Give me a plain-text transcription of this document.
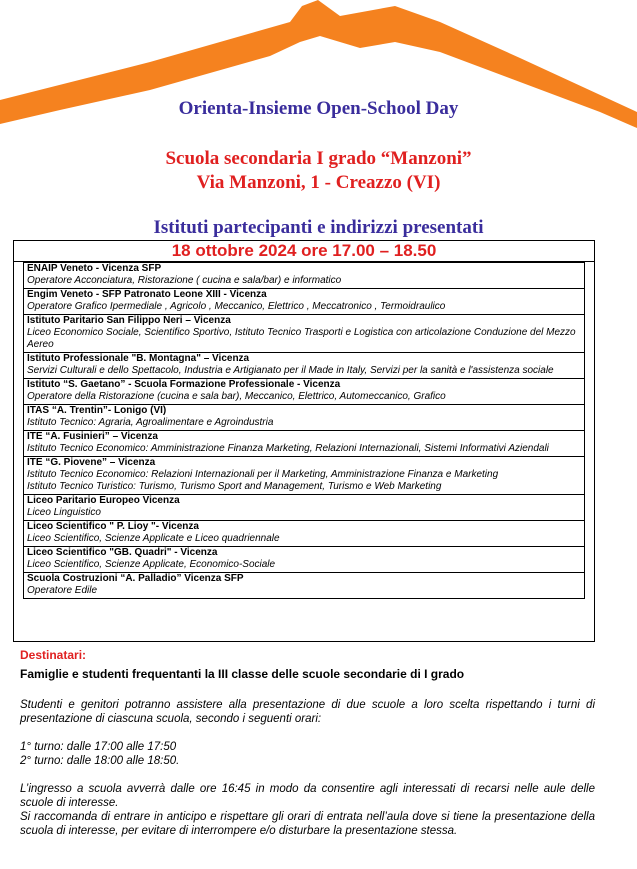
Orienta-Insieme Open-School Day

Scuola secondaria I grado “Manzoni”

Via Manzoni, 1 - Creazzo (VI)

Istituti partecipanti e indirizzi presentati

18 ottobre 2024 ore 17.00 – 18.50
ENAIP Veneto - Vicenza SFP
Operatore Acconciatura, Ristorazione ( cucina e sala/bar) e informatico
Engim Veneto - SFP Patronato Leone XIII - Vicenza
Operatore Grafico Ipermediale , Agricolo , Meccanico, Elettrico , Meccatronico , Termoidraulico
Istituto Paritario San Filippo Neri – Vicenza
Liceo Economico Sociale, Scientifico Sportivo, Istituto Tecnico Trasporti e Logistica con articolazione Conduzione del Mezzo Aereo
Istituto Professionale "B. Montagna" – Vicenza
Servizi Culturali e dello Spettacolo, Industria e Artigianato per il Made in Italy, Servizi per la sanità e l'assistenza sociale
Istituto “S. Gaetano” - Scuola Formazione Professionale - Vicenza
Operatore della Ristorazione (cucina e sala bar), Meccanico, Elettrico, Automeccanico, Grafico
ITAS “A. Trentin”- Lonigo (VI)
Istituto Tecnico: Agraria, Agroalimentare e Agroindustria
ITE “A. Fusinieri” – Vicenza
Istituto Tecnico Economico: Amministrazione Finanza Marketing, Relazioni Internazionali, Sistemi Informativi Aziendali
ITE “G. Piovene” – Vicenza
Istituto Tecnico Economico: Relazioni Internazionali per il Marketing, Amministrazione Finanza e Marketing
Istituto Tecnico Turistico: Turismo, Turismo Sport and Management, Turismo e Web Marketing
Liceo Paritario Europeo Vicenza
Liceo Linguistico
Liceo Scientifico " P. Lioy "- Vicenza
Liceo Scientifico, Scienze Applicate e Liceo quadriennale
Liceo Scientifico "GB. Quadri" - Vicenza
Liceo Scientifico, Scienze Applicate, Economico-Sociale
Scuola Costruzioni “A. Palladio” Vicenza SFP
Operatore Edile

Destinatari:

Famiglie e studenti frequentanti la III classe delle scuole secondarie di I grado

Studenti e genitori potranno assistere alla presentazione di due scuole a loro scelta rispettando i turni di presentazione di ciascuna scuola, secondo i seguenti orari:

1° turno: dalle 17:00 alle 17:50
2° turno: dalle 18:00 alle 18:50.
L’ingresso a scuola avverrà dalle ore 16:45 in modo da consentire agli interessati di recarsi nelle aule delle scuole di interesse.
Si raccomanda di entrare in anticipo e rispettare gli orari di entrata nell’aula dove si tiene la presentazione della scuola di interesse, per evitare di interrompere e/o disturbare la presentazione stessa.
